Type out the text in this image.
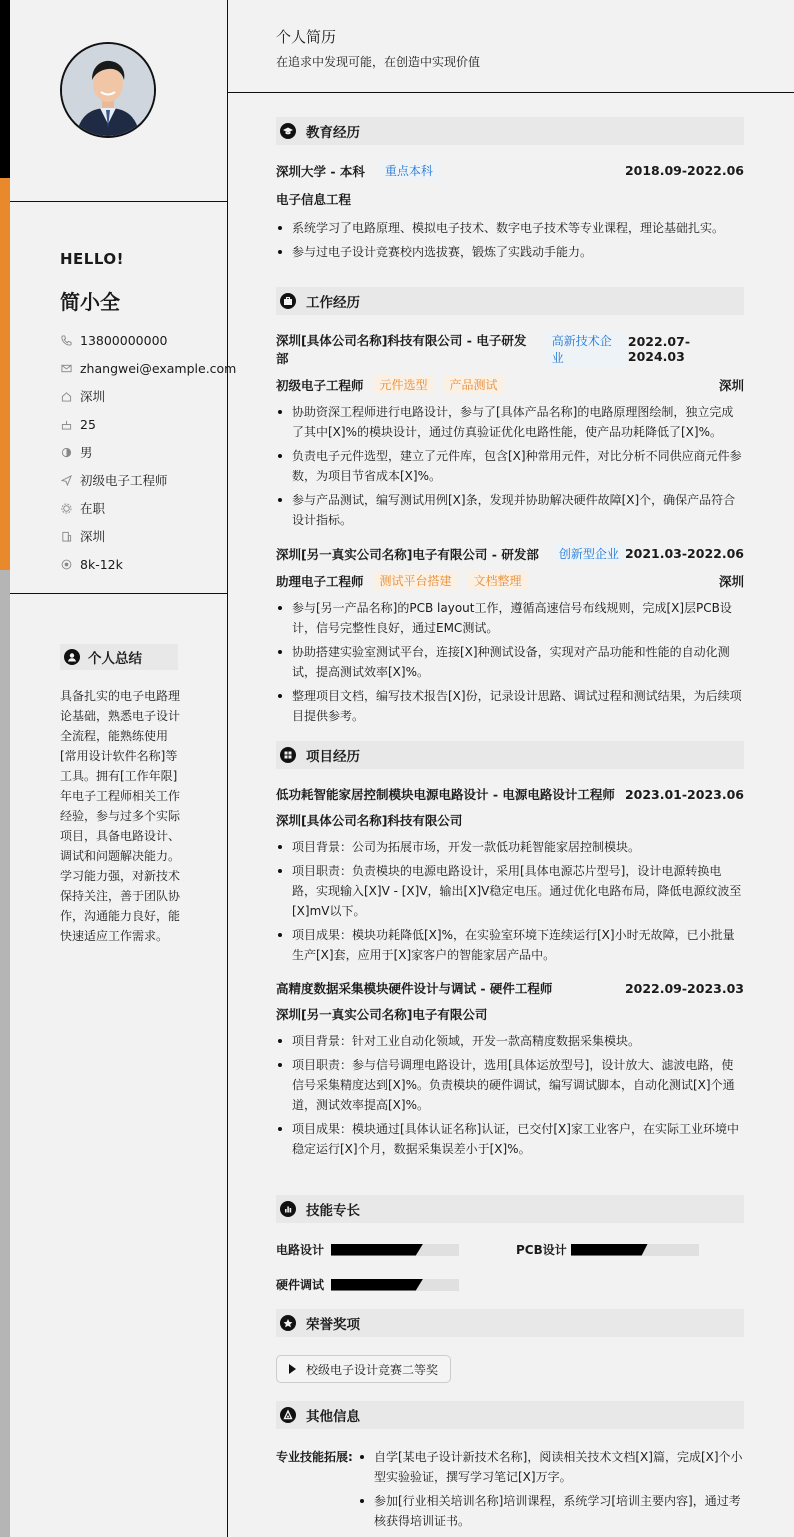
HELLO!
简小全
13800000000
zhangwei@example.com
深圳
25
男
初级电子工程师
在职
深圳
8k-12k
个人总结
具备扎实的电子电路理论基础，熟悉电子设计全流程，能熟练使用[常用设计软件名称]等工具。拥有[工作年限]年电子工程师相关工作经验，参与过多个实际项目，具备电路设计、调试和问题解决能力。学习能力强，对新技术保持关注，善于团队协作，沟通能力良好，能快速适应工作需求。
个人简历
在追求中发现可能，在创造中实现价值
教育经历
深圳大学 - 本科	重点本科	2018.09-2022.06
电子信息工程
系统学习了电路原理、模拟电子技术、数字电子技术等专业课程，理论基础扎实。
参与过电子设计竞赛校内选拔赛，锻炼了实践动手能力。
工作经历
深圳[具体公司名称]科技有限公司 - 电子研发部
高新技术企业
2022.07-2024.03
初级电子工程师	元件选型	产品测试	深圳
协助资深工程师进行电路设计，参与了[具体产品名称]的电路原理图绘制，独立完成了其中[X]%的模块设计，通过仿真验证优化电路性能，使产品功耗降低了[X]%。
负责电子元件选型，建立了元件库，包含[X]种常用元件，对比分析不同供应商元件参数，为项目节省成本[X]%。
参与产品测试，编写测试用例[X]条，发现并协助解决硬件故障[X]个，确保产品符合设计指标。
深圳[另一真实公司名称]电子有限公司 - 研发部	创新型企业 2021.03-2022.06
助理电子工程师	测试平台搭建	文档整理	深圳
参与[另一产品名称]的PCB layout工作，遵循高速信号布线规则，完成[X]层PCB设计，信号完整性良好，通过EMC测试。
协助搭建实验室测试平台，连接[X]种测试设备，实现对产品功能和性能的自动化测试，提高测试效率[X]%。
整理项目文档，编写技术报告[X]份，记录设计思路、调试过程和测试结果，为后续项目提供参考。
项目经历
低功耗智能家居控制模块电源电路设计 - 电源电路设计工程师 2023.01-2023.06
深圳[具体公司名称]科技有限公司
项目背景：公司为拓展市场，开发一款低功耗智能家居控制模块。
项目职责：负责模块的电源电路设计，采用[具体电源芯片型号]，设计电源转换电路，实现输入[X]V - [X]V，输出[X]V稳定电压。通过优化电路布局，降低电源纹波至[X]mV以下。
项目成果：模块功耗降低[X]%，在实验室环境下连续运行[X]小时无故障，已小批量生产[X]套，应用于[X]家客户的智能家居产品中。
高精度数据采集模块硬件设计与调试 - 硬件工程师	2022.09-2023.03
深圳[另一真实公司名称]电子有限公司
项目背景：针对工业自动化领域，开发一款高精度数据采集模块。
项目职责：参与信号调理电路设计，选用[具体运放型号]，设计放大、滤波电路，使信号采集精度达到[X]%。负责模块的硬件调试，编写调试脚本，自动化测试[X]个通道，测试效率提高[X]%。
项目成果：模块通过[具体认证名称]认证，已交付[X]家工业客户，在实际工业环境中稳定运行[X]个月，数据采集误差小于[X]%。
技能专长
电路设计	PCB设计
硬件调试
荣誉奖项
校级电子设计竞赛二等奖
其他信息
专业技能拓展:	自学[某电子设计新技术名称]，阅读相关技术文档[X]篇，完成[X]个小型实验验证，撰写学习笔记[X]万字。
参加[行业相关培训名称]培训课程，系统学习[培训主要内容]，通过考核获得培训证书。
